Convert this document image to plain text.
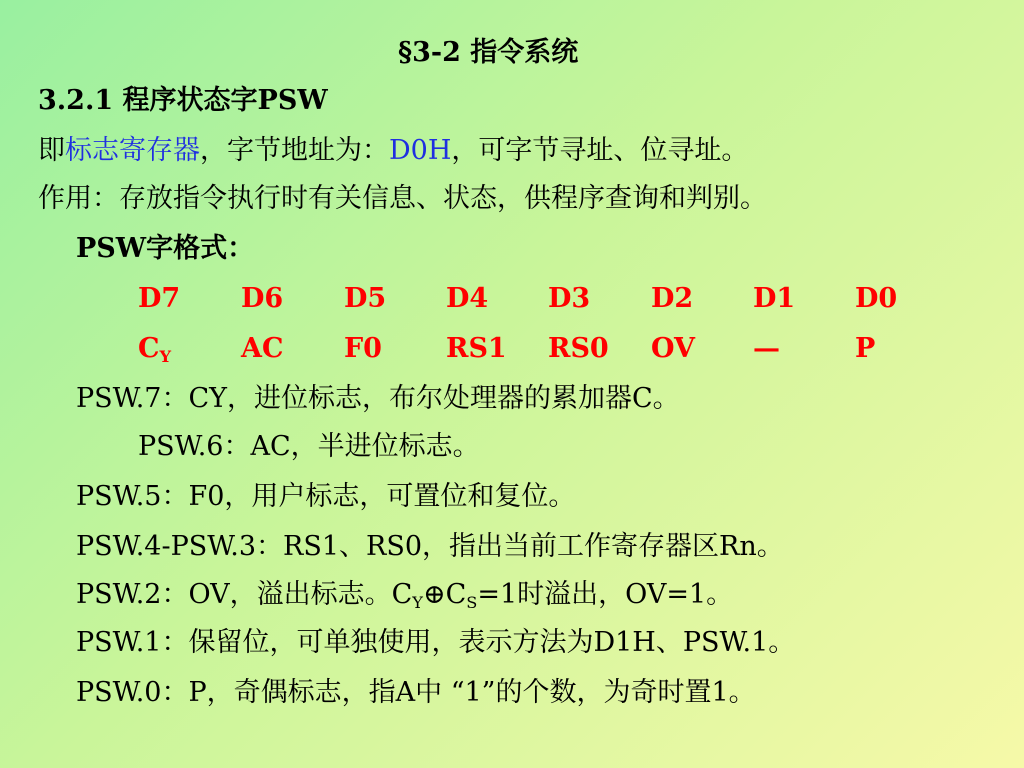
§3-2 指令系统
3.2.1 程序状态字PSW
即标志寄存器，字节地址为：D0H，可字节寻址、位寻址。
作用：存放指令执行时有关信息、状态，供程序查询和判别。
PSW字格式：
D7 D6 D5 D4 D3 D2 D1 D0
$C_Y$	AC F0 RS1 RS0 OV —	P
PSW.7：CY，进位标志，布尔处理器的累加器C。
PSW.6：AC，半进位标志。
PSW.5：F0，用户标志，可置位和复位。
PSW.4-PSW.3：RS1、RS0，指出当前工作寄存器区Rn。
PSW.2：OV，溢出标志。$C_Y\oplus C_S=1$时溢出，OV=1。
PSW.1：保留位，可单独使用，表示方法为D1H、PSW.1。
PSW.0：P，奇偶标志，指A中 “1”的个数，为奇时置1。
